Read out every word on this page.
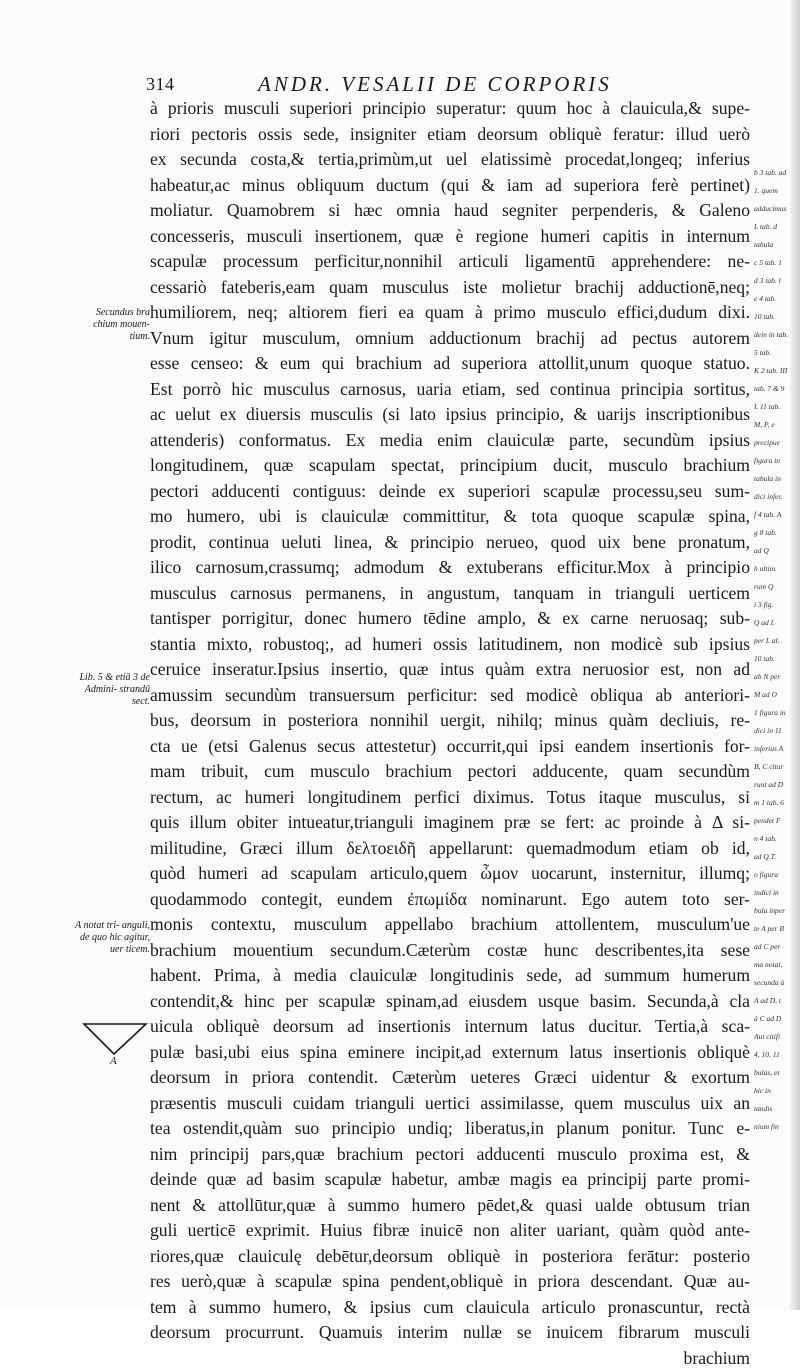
314	ANDR. VESALII DE CORPORIS
à prioris musculi superiori principio superatur: quum hoc à clauicula,& supe-
riori pectoris ossis sede, insigniter etiam deorsum obliquè feratur: illud uerò
ex secunda costa,& tertia,primùm,ut uel elatissimè procedat,longeq; inferius
habeatur,ac minus obliquum ductum (qui & iam ad superiora ferè pertinet)
moliatur. Quamobrem si hæc omnia haud segniter perpenderis, & Galeno
concesseris, musculi insertionem, quæ è regione humeri capitis in internum
scapulæ processum perficitur,nonnihil articuli ligamentū apprehendere: ne-
cessariò fateberis,eam quam musculus iste molietur brachij adductionē,neq;
humiliorem, neq; altiorem fieri ea quam à primo musculo effici,dudum dixi.
Vnum igitur musculum, omnium adductionum brachij ad pectus autorem
esse censeo: & eum qui brachium ad superiora attollit,unum quoque statuo.
Est porrò hic musculus carnosus, uaria etiam, sed continua principia sortitus,
ac uelut ex diuersis musculis (si lato ipsius principio, & uarijs inscriptionibus
attenderis) conformatus. Ex media enim clauiculæ parte, secundùm ipsius
longitudinem, quæ scapulam spectat, principium ducit, musculo brachium
pectori adducenti contiguus: deinde ex superiori scapulæ processu,seu sum-
mo humero, ubi is clauiculæ committitur, & tota quoque scapulæ spina,
prodit, continua ueluti linea, & principio nerueo, quod uix bene pronatum,
ilico carnosum,crassumq; admodum & extuberans efficitur.Mox à principio
musculus carnosus permanens, in angustum, tanquam in trianguli uerticem
tantisper porrigitur, donec humero tēdine amplo, & ex carne neruosaq; sub-
stantia mixto, robustoq;, ad humeri ossis latitudinem, non modicè sub ipsius
ceruice inseratur.Ipsius insertio, quæ intus quàm extra neruosior est, non ad
amussim secundùm transuersum perficitur: sed modicè obliqua ab anteriori-
bus, deorsum in posteriora nonnihil uergit, nihilq; minus quàm decliuis, re-
cta ue (etsi Galenus secus attestetur) occurrit,qui ipsi eandem insertionis for-
mam tribuit, cum musculo brachium pectori adducente, quam secundùm
rectum, ac humeri longitudinem perfici diximus. Totus itaque musculus, si
quis illum obiter intueatur,trianguli imaginem præ se fert: ac proinde à Δ si-
militudine, Græci illum δελτοειδῆ appellarunt: quemadmodum etiam ob id,
quòd humeri ad scapulam articulo,quem ὦμον uocarunt, insternitur, illumq;
quodammodo contegit, eundem ἐπωμίδα nominarunt. Ego autem toto ser-
monis contextu, musculum appellabo brachium attollentem, musculum'ue
brachium mouentium secundum.Cæterùm costæ hunc describentes,ita sese
habent. Prima, à media clauiculæ longitudinis sede, ad summum humerum
contendit,& hinc per scapulæ spinam,ad eiusdem usque basim. Secunda,à cla
uicula obliquè deorsum ad insertionis internum latus ducitur. Tertia,à sca-
pulæ basi,ubi eius spina eminere incipit,ad externum latus insertionis obliquè
deorsum in priora contendit. Cæterùm ueteres Græci uidentur & exortum
præsentis musculi cuidam trianguli uertici assimilasse, quem musculus uix an
tea ostendit,quàm suo principio undiq; liberatus,in planum ponitur. Tunc e-
nim principij pars,quæ brachium pectori adducenti musculo proxima est, &
deinde quæ ad basim scapulæ habetur, ambæ magis ea principij parte promi-
nent & attollūtur,quæ à summo humero pēdet,& quasi ualde obtusum trian
guli uerticē exprimit. Huius fibræ inuicē non aliter uariant, quàm quòd ante-
riores,quæ clauiculę debētur,deorsum obliquè in posteriora ferātur: posterio
res uerò,quæ à scapulæ spina pendent,obliquè in priora descendant. Quæ au-
tem à summo humero, & ipsius cum clauicula articulo pronascuntur, rectà
deorsum procurrunt. Quamuis interim nullæ se inuicem fibrarum musculi
brachium
Secundus bra chium mouen- tium.
Lib. 5 & etiā 3 de Admini- strandū sect.
A notat tri- anguli, de quo hic agitur, uer ticem.
A
b 3 tab. ad
1. quem
adducimus
L tab. d
tabula
c 5 tab. 1
d 3 tab. l
e 4 tab.
10 tab.
dein in tab.
5 tab.
K 2 tab. III
tab. 7 & 9
L 11 tab.
M, P, e
precipue
figura in
tabula in
dici infer.
f 4 tab. A
g 8 tab.
ad Q
h ultim.
rum Q
i 3 fig.
Q ad L
per L al.
10 tab.
ab N per
M ad O
1 figura in
dici in 11
inferius A
B, C citur
runt ad D
m 1 tab. 6
pendet F
n 4 tab.
ad Q.T.
o figura
indici in
bula inper
te A per B
ad C per
ma notat,
secunda à
A ad D, t
à C ad D
Aut citifi
4, 10, 11
bulas, et
hic in
tandis
nium fin
